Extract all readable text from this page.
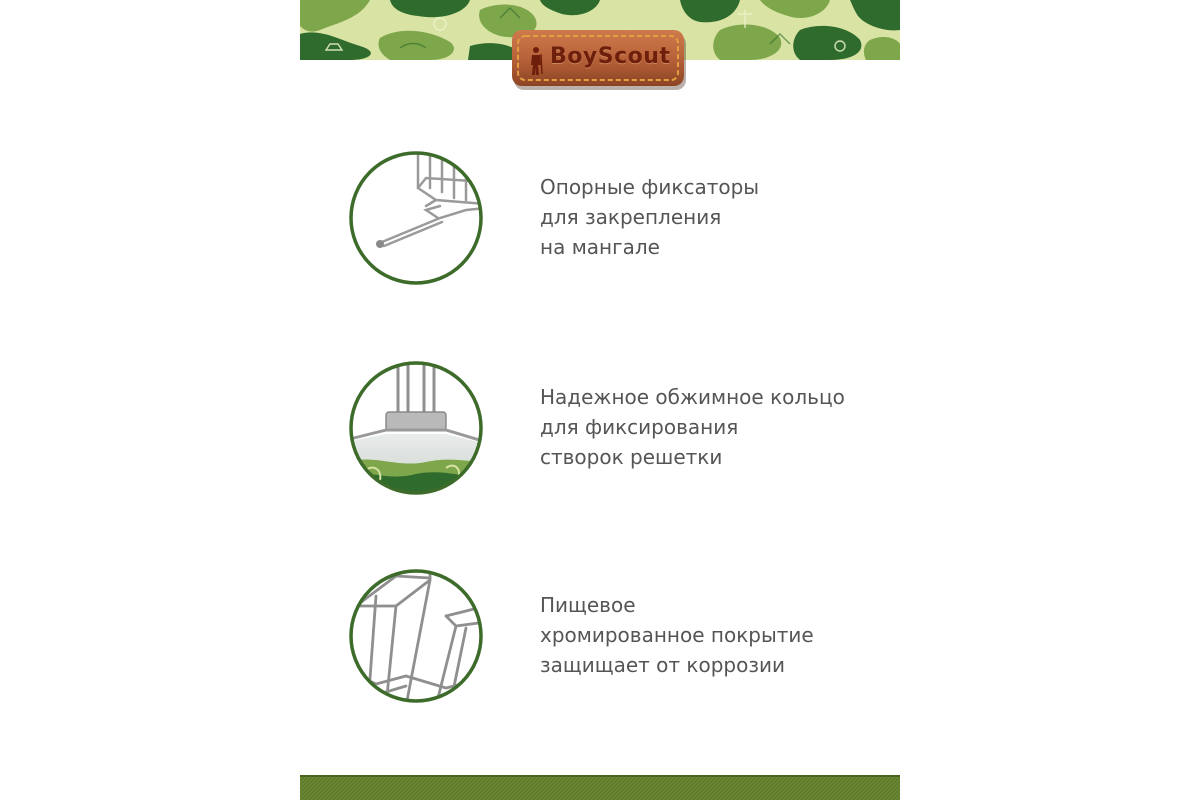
BoyScout
Опорные фиксаторы
для закрепления
на мангале
Надежное обжимное кольцо
для фиксирования
створок решетки
Пищевое
хромированное покрытие
защищает от коррозии
